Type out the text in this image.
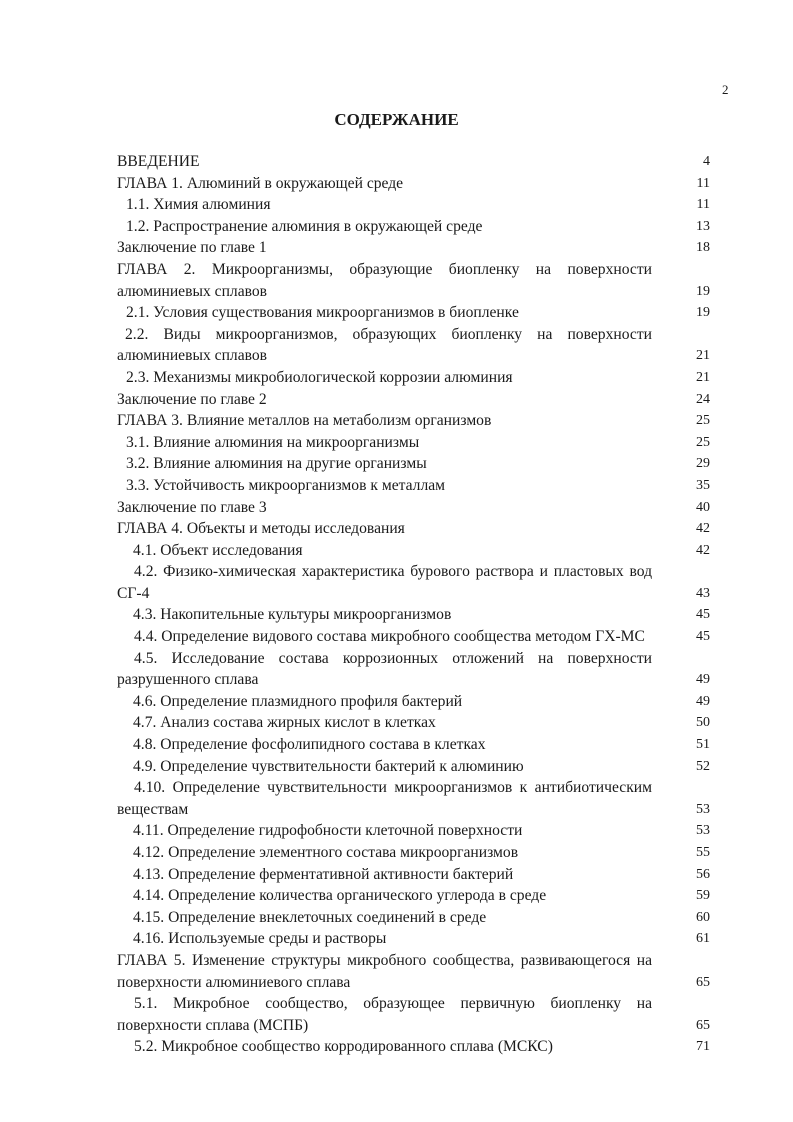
2
СОДЕРЖАНИЕ
ВВЕДЕНИЕ	4
ГЛАВА 1. Алюминий в окружающей среде	11
1.1. Химия алюминия	11
1.2. Распространение алюминия в окружающей среде	13
Заключение по главе 1	18
ГЛАВА 2. Микроорганизмы, образующие биопленку на поверхности алюминиевых сплавов	19
2.1. Условия существования микроорганизмов в биопленке	19
2.2. Виды микроорганизмов, образующих биопленку на поверхности алюминиевых сплавов	21
2.3. Механизмы микробиологической коррозии алюминия	21
Заключение по главе 2	24
ГЛАВА 3. Влияние металлов на метаболизм организмов	25
3.1. Влияние алюминия на микроорганизмы	25
3.2. Влияние алюминия на другие организмы	29
3.3. Устойчивость микроорганизмов к металлам	35
Заключение по главе 3	40
ГЛАВА 4. Объекты и методы исследования	42
4.1. Объект исследования	42
4.2. Физико-химическая характеристика бурового раствора и пластовых вод СГ-4	43
4.3. Накопительные культуры микроорганизмов	45
4.4. Определение видового состава микробного сообщества методом ГХ-МС	45
4.5. Исследование состава коррозионных отложений на поверхности разрушенного сплава	49
4.6. Определение плазмидного профиля бактерий	49
4.7. Анализ состава жирных кислот в клетках	50
4.8. Определение фосфолипидного состава в клетках	51
4.9. Определение чувствительности бактерий к алюминию	52
4.10. Определение чувствительности микроорганизмов к антибиотическим веществам	53
4.11. Определение гидрофобности клеточной поверхности	53
4.12. Определение элементного состава микроорганизмов	55
4.13. Определение ферментативной активности бактерий	56
4.14. Определение количества органического углерода в среде	59
4.15. Определение внеклеточных соединений в среде	60
4.16. Используемые среды и растворы	61
ГЛАВА 5. Изменение структуры микробного сообщества, развивающегося на поверхности алюминиевого сплава	65
5.1. Микробное сообщество, образующее первичную биопленку на поверхности сплава (МСПБ)	65
5.2. Микробное сообщество корродированного сплава (МСКС)	71
